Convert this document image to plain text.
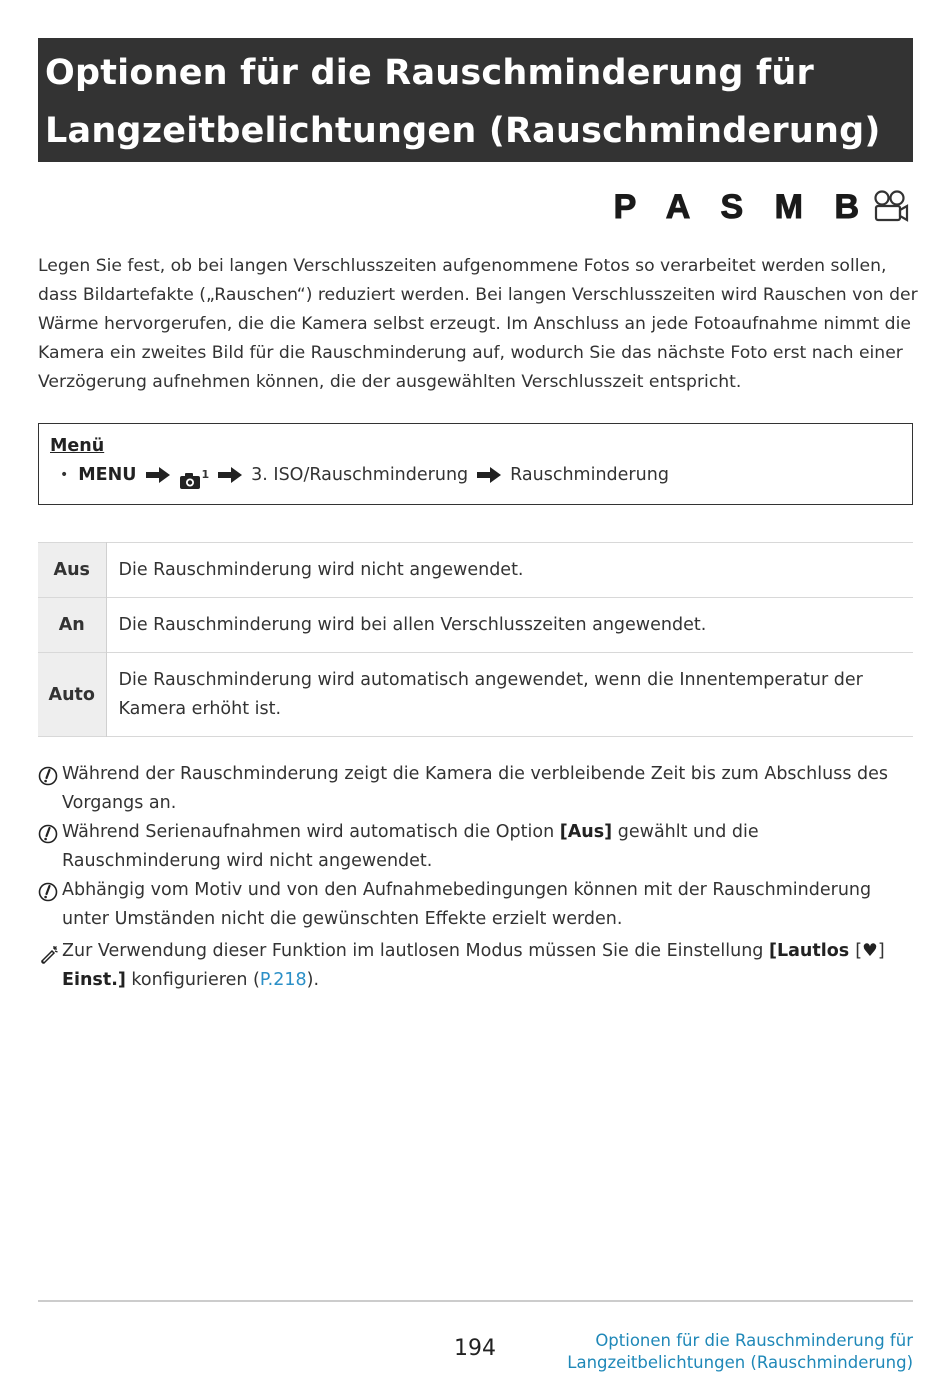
Optionen für die Rauschminderung für
Langzeitbelichtungen (Rauschminderung)
P A S M B

Legen Sie fest, ob bei langen Verschlusszeiten aufgenommene Fotos so verarbeitet werden sollen, dass Bildartefakte („Rauschen“) reduziert werden. Bei langen Verschlusszeiten wird Rauschen von der Wärme hervorgerufen, die die Kamera selbst erzeugt. Im Anschluss an jede Fotoaufnahme nimmt die Kamera ein zweites Bild für die Rauschminderung auf, wodurch Sie das nächste Foto erst nach einer Verzögerung aufnehmen können, die der ausgewählten Verschlusszeit entspricht.

Menü
• MENU	$^1$ 3. ISO/Rauschminderung Rauschminderung
Aus	Die Rauschminderung wird nicht angewendet.
An	Die Rauschminderung wird bei allen Verschlusszeiten angewendet.
Auto	Die Rauschminderung wird automatisch angewendet, wenn die Innentemperatur der Kamera erhöht ist.
Während der Rauschminderung zeigt die Kamera die verbleibende Zeit bis zum Abschluss des Vorgangs an.
Während Serienaufnahmen wird automatisch die Option [Aus] gewählt und die Rauschminderung wird nicht angewendet.
Abhängig vom Motiv und von den Aufnahmebedingungen können mit der Rauschminderung unter Umständen nicht die gewünschten Effekte erzielt werden.
Zur Verwendung dieser Funktion im lautlosen Modus müssen Sie die Einstellung [Lautlos [♥] Einst.] konfigurieren (P.218).
194	Optionen für die Rauschminderung für
Langzeitbelichtungen (Rauschminderung)
